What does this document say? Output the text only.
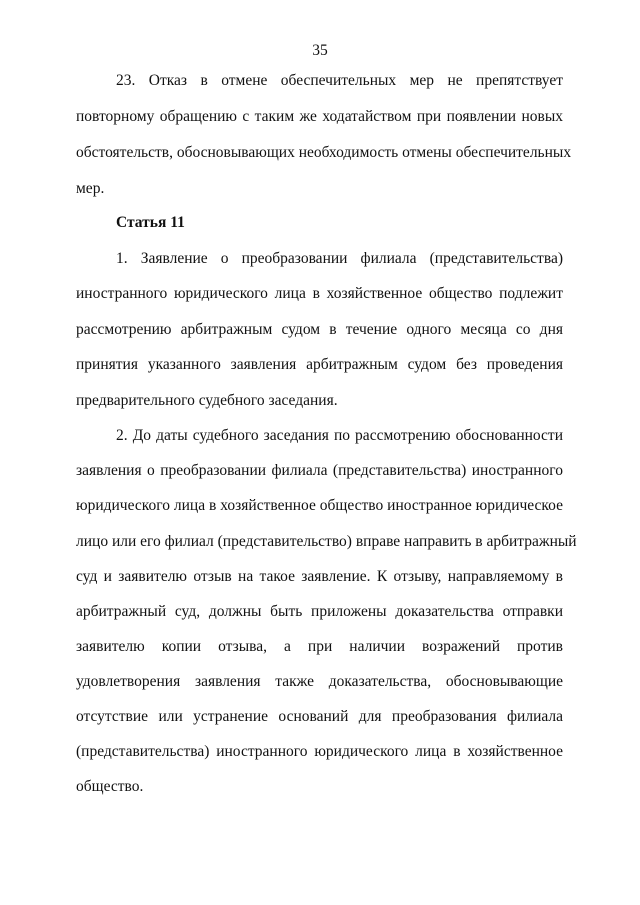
35
23. Отказ в отмене обеспечительных мер не препятствует
повторному обращению с таким же ходатайством при появлении новых
обстоятельств, обосновывающих необходимость отмены обеспечительных
мер.
Статья 11
1. Заявление о преобразовании филиала (представительства)
иностранного юридического лица в хозяйственное общество подлежит
рассмотрению арбитражным судом в течение одного месяца со дня
принятия указанного заявления арбитражным судом без проведения
предварительного судебного заседания.
2. До даты судебного заседания по рассмотрению обоснованности
заявления о преобразовании филиала (представительства) иностранного
юридического лица в хозяйственное общество иностранное юридическое
лицо или его филиал (представительство) вправе направить в арбитражный
суд и заявителю отзыв на такое заявление. К отзыву, направляемому в
арбитражный суд, должны быть приложены доказательства отправки
заявителю копии отзыва, а при наличии возражений против
удовлетворения заявления также доказательства, обосновывающие
отсутствие или устранение оснований для преобразования филиала
(представительства) иностранного юридического лица в хозяйственное
общество.
